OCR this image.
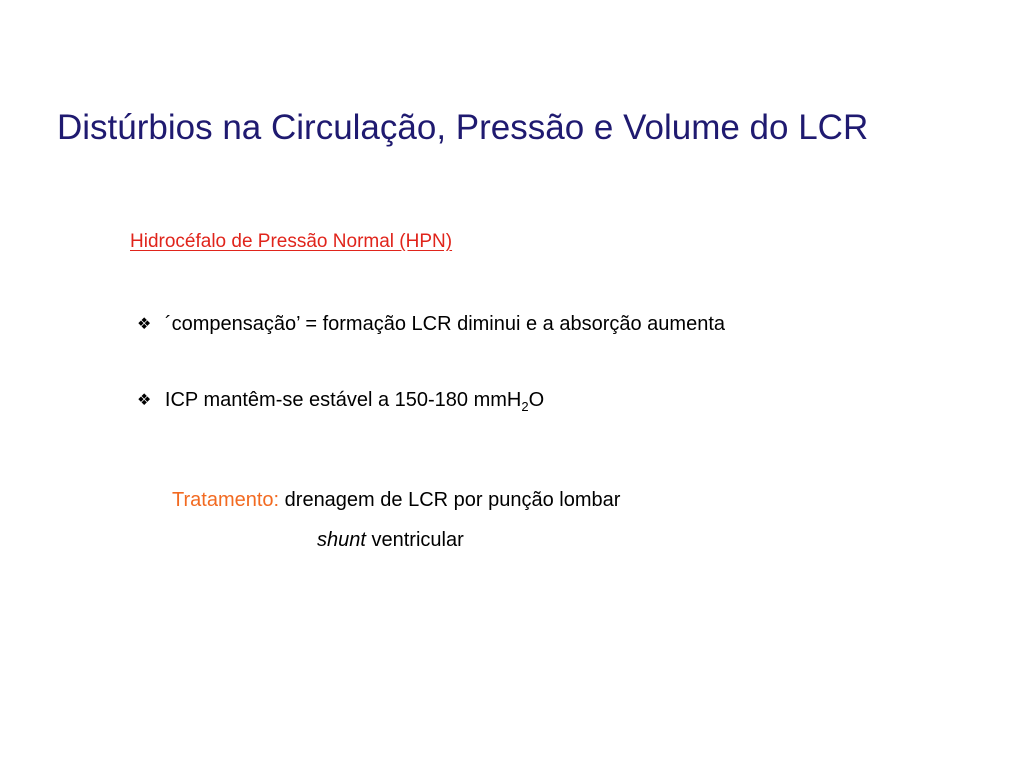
Distúrbios na Circulação, Pressão e Volume do LCR
Hidrocéfalo de Pressão Normal (HPN)
❖ ´compensação’ = formação LCR diminui e a absorção aumenta
❖ ICP mantêm-se estável a 150-180 mmH$_2$O
Tratamento: drenagem de LCR por punção lombar
shunt ventricular
